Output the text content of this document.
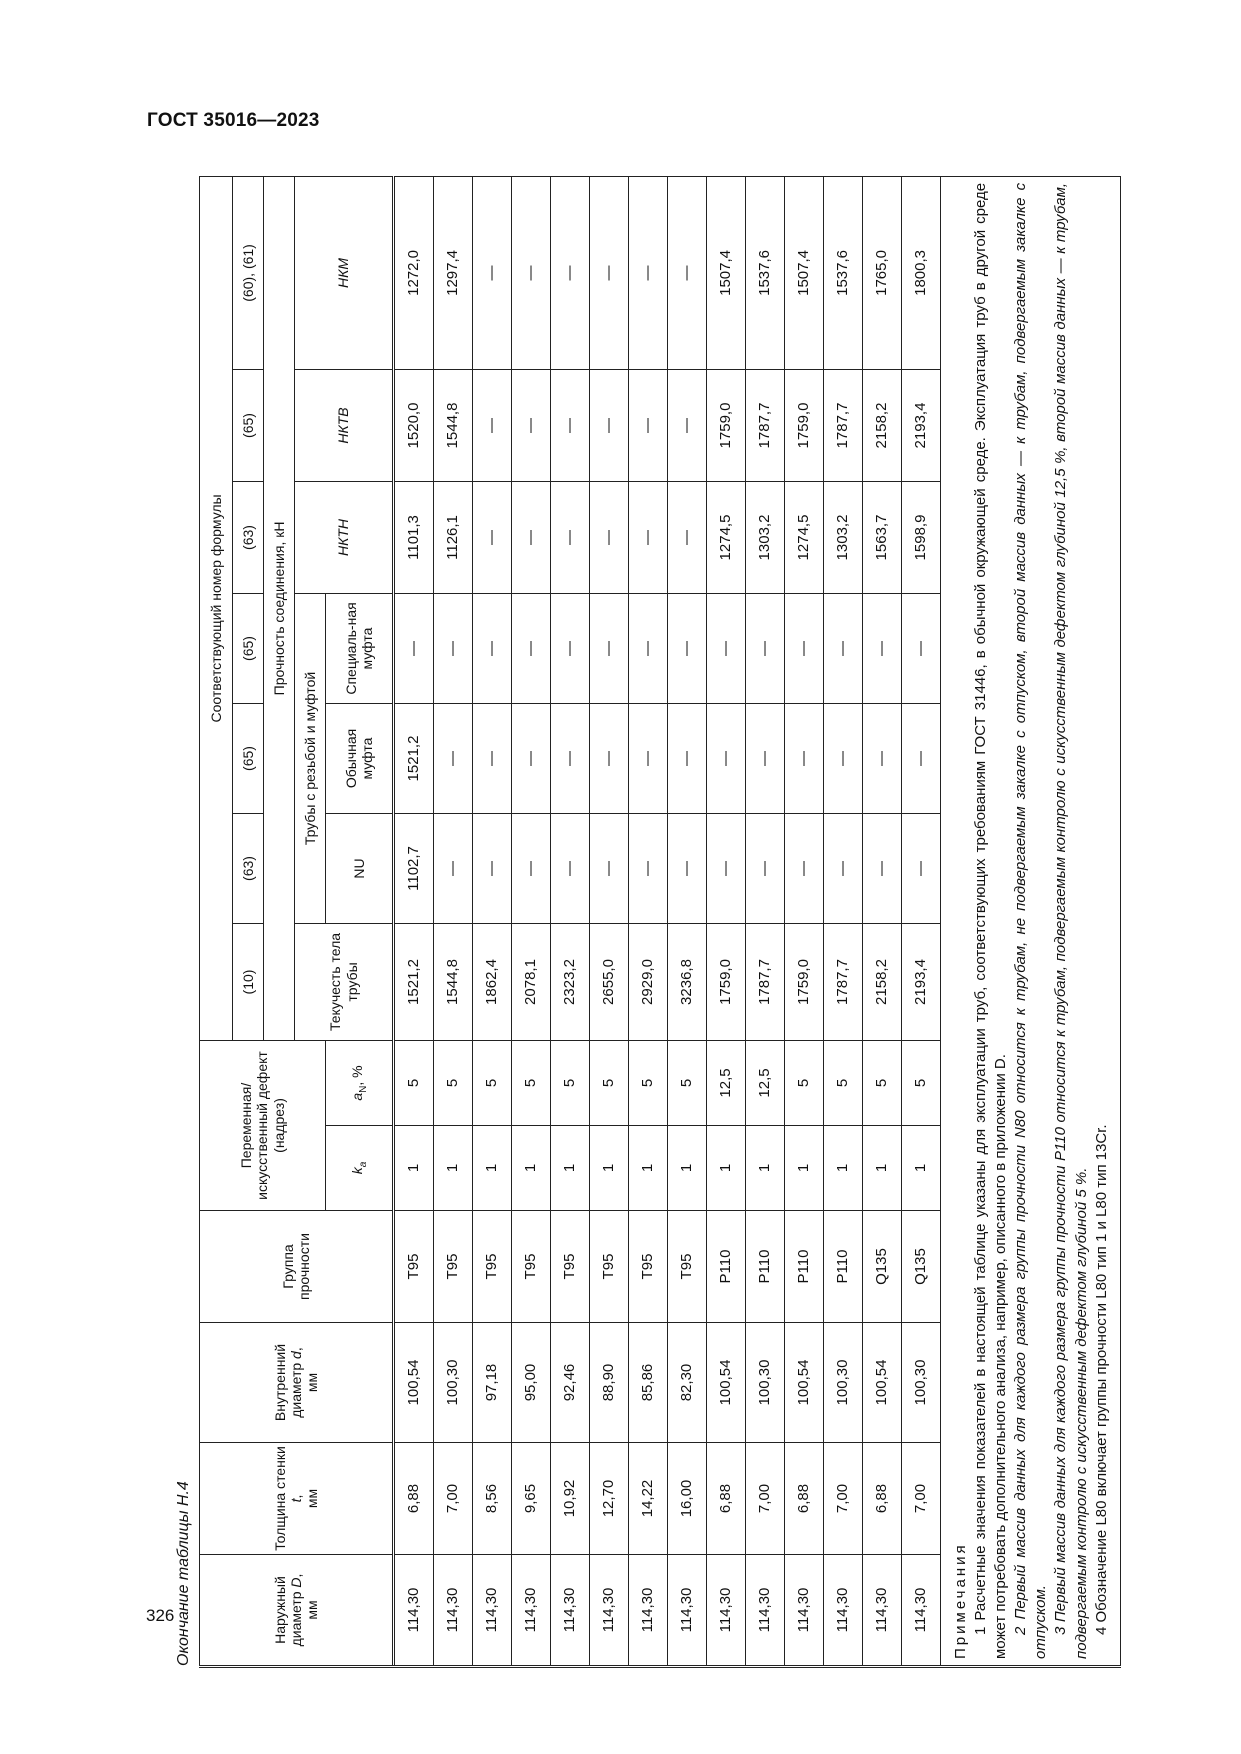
ГОСТ 35016—2023
326 Окончание таблицы Н.4	Наружный диаметр D,
мм	Толщина стенки t,
мм	Внутренний диаметр d,
мм	Группа прочности	Переменная/ искусственный дефект (надрез)		Соответствующий номер формулы						
						(10)	(63)	(65)	(65)	(63)	(65)	(60), (61)
						Прочность соединения, кН						
						Текучесть тела трубы	Трубы с резьбой и муфтой			НКТН	НКТВ	НКМ
				$k_a$	$a_N$, %		NU	Обычная муфта	Специаль-ная муфта			
114,30	6,88	100,54	T95	1	5	1521,2	1102,7	1521,2	—	1101,3	1520,0	1272,0
114,30	7,00	100,30	T95	1	5	1544,8	—	—	—	1126,1	1544,8	1297,4
114,30	8,56	97,18	T95	1	5	1862,4	—	—	—	—	—	—
114,30	9,65	95,00	T95	1	5	2078,1	—	—	—	—	—	—
114,30	10,92	92,46	T95	1	5	2323,2	—	—	—	—	—	—
114,30	12,70	88,90	T95	1	5	2655,0	—	—	—	—	—	—
114,30	14,22	85,86	T95	1	5	2929,0	—	—	—	—	—	—
114,30	16,00	82,30	T95	1	5	3236,8	—	—	—	—	—	—
114,30	6,88	100,54	P110	1	12,5	1759,0	—	—	—	1274,5	1759,0	1507,4
114,30	7,00	100,30	P110	1	12,5	1787,7	—	—	—	1303,2	1787,7	1537,6
114,30	6,88	100,54	P110	1	5	1759,0	—	—	—	1274,5	1759,0	1507,4
114,30	7,00	100,30	P110	1	5	1787,7	—	—	—	1303,2	1787,7	1537,6
114,30	6,88	100,54	Q135	1	5	2158,2	—	—	—	1563,7	2158,2	1765,0
114,30	7,00	100,30	Q135	1	5	2193,4	—	—	—	1598,9	2193,4	1800,3

Примечания 1 Расчетные значения показателей в настоящей таблице указаны для эксплуатации труб, соответствующих требованиям ГОСТ 31446, в обычной окружающей среде. Эксплуатация труб в другой среде может потребовать дополнительного анализа, например, описанного в приложении D. 2 Первый массив данных для каждого размера группы прочности N80 относится к трубам, не подвергаемым закалке с отпуском, второй массив данных — к трубам, подвергаемым закалке с отпуском. 3 Первый массив данных для каждого размера группы прочности P110 относится к трубам, подвергаемым контролю с искусственным дефектом глубиной 12,5 %, второй массив данных — к трубам, подвергаемым контролю с искусственным дефектом глубиной 5 %. 4 Обозначение L80 включает группы прочности L80 тип 1 и L80 тип 13Cr.												
